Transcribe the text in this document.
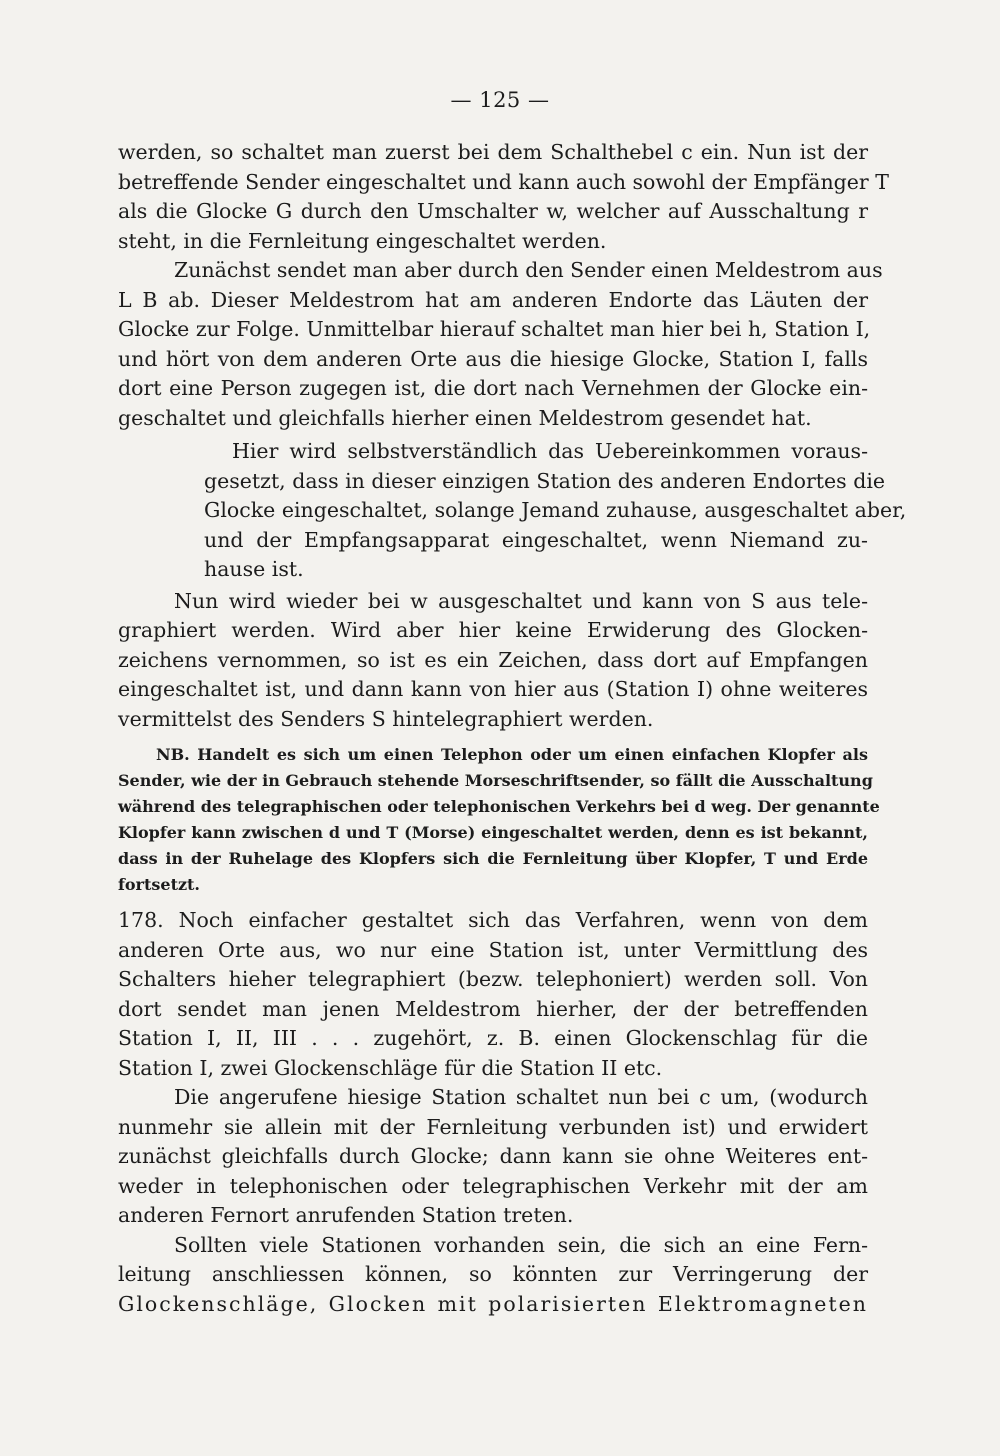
— 125 —
werden, so schaltet man zuerst bei dem Schalthebel c ein. Nun ist der
betreffende Sender eingeschaltet und kann auch sowohl der Empfänger T
als die Glocke G durch den Umschalter w, welcher auf Ausschaltung r
steht, in die Fernleitung eingeschaltet werden.
Zunächst sendet man aber durch den Sender einen Meldestrom aus
L B ab. Dieser Meldestrom hat am anderen Endorte das Läuten der
Glocke zur Folge. Unmittelbar hierauf schaltet man hier bei h, Station I,
und hört von dem anderen Orte aus die hiesige Glocke, Station I, falls
dort eine Person zugegen ist, die dort nach Vernehmen der Glocke ein-
geschaltet und gleichfalls hierher einen Meldestrom gesendet hat.
Hier wird selbstverständlich das Uebereinkommen voraus-
gesetzt, dass in dieser einzigen Station des anderen Endortes die
Glocke eingeschaltet, solange Jemand zuhause, ausgeschaltet aber,
und der Empfangsapparat eingeschaltet, wenn Niemand zu-
hause ist.
Nun wird wieder bei w ausgeschaltet und kann von S aus tele-
graphiert werden. Wird aber hier keine Erwiderung des Glocken-
zeichens vernommen, so ist es ein Zeichen, dass dort auf Empfangen
eingeschaltet ist, und dann kann von hier aus (Station I) ohne weiteres
vermittelst des Senders S hintelegraphiert werden.
NB. Handelt es sich um einen Telephon oder um einen einfachen Klopfer als
Sender, wie der in Gebrauch stehende Morseschriftsender, so fällt die Ausschaltung
während des telegraphischen oder telephonischen Verkehrs bei d weg. Der genannte
Klopfer kann zwischen d und T (Morse) eingeschaltet werden, denn es ist bekannt,
dass in der Ruhelage des Klopfers sich die Fernleitung über Klopfer, T und Erde
fortsetzt.
178. Noch einfacher gestaltet sich das Verfahren, wenn von dem
anderen Orte aus, wo nur eine Station ist, unter Vermittlung des
Schalters hieher telegraphiert (bezw. telephoniert) werden soll. Von
dort sendet man jenen Meldestrom hierher, der der betreffenden
Station I, II, III . . . zugehört, z. B. einen Glockenschlag für die
Station I, zwei Glockenschläge für die Station II etc.
Die angerufene hiesige Station schaltet nun bei c um, (wodurch
nunmehr sie allein mit der Fernleitung verbunden ist) und erwidert
zunächst gleichfalls durch Glocke; dann kann sie ohne Weiteres ent-
weder in telephonischen oder telegraphischen Verkehr mit der am
anderen Fernort anrufenden Station treten.
Sollten viele Stationen vorhanden sein, die sich an eine Fern-
leitung anschliessen können, so könnten zur Verringerung der
Glockenschläge, Glocken mit polarisierten Elektromagneten
